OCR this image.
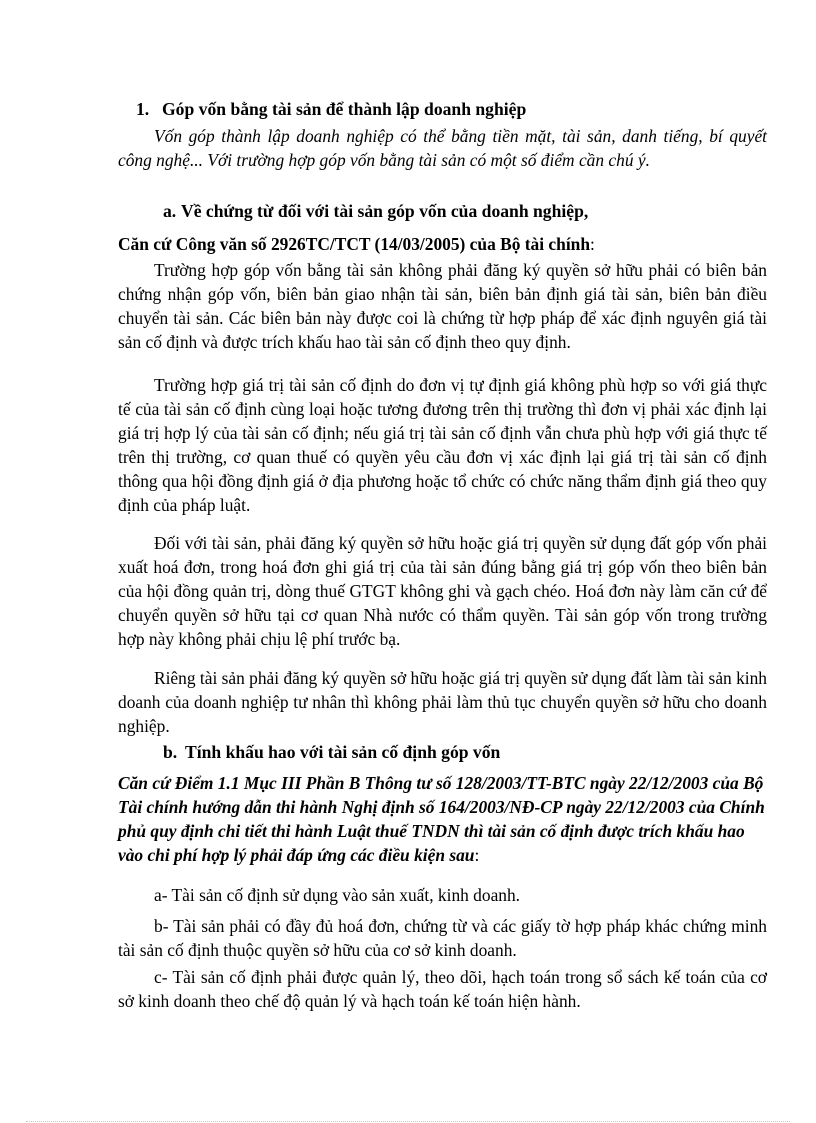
1. Góp vốn bằng tài sản để thành lập doanh nghiệp
Vốn góp thành lập doanh nghiệp có thể bằng tiền mặt, tài sản, danh tiếng, bí quyết công nghệ... Với trường hợp góp vốn bằng tài sản có một số điểm cần chú ý.
a. Về chứng từ đối với tài sản góp vốn của doanh nghiệp,
Căn cứ Công văn số 2926TC/TCT (14/03/2005) của Bộ tài chính:
Trường hợp góp vốn bằng tài sản không phải đăng ký quyền sở hữu phải có biên bản chứng nhận góp vốn, biên bản giao nhận tài sản, biên bản định giá tài sản, biên bản điều chuyển tài sản. Các biên bản này được coi là chứng từ hợp pháp để xác định nguyên giá tài sản cố định và được trích khấu hao tài sản cố định theo quy định.
Trường hợp giá trị tài sản cố định do đơn vị tự định giá không phù hợp so với giá thực tế của tài sản cố định cùng loại hoặc tương đương trên thị trường thì đơn vị phải xác định lại giá trị hợp lý của tài sản cố định; nếu giá trị tài sản cố định vẫn chưa phù hợp với giá thực tế trên thị trường, cơ quan thuế có quyền yêu cầu đơn vị xác định lại giá trị tài sản cố định thông qua hội đồng định giá ở địa phương hoặc tổ chức có chức năng thẩm định giá theo quy định của pháp luật.
Đối với tài sản, phải đăng ký quyền sở hữu hoặc giá trị quyền sử dụng đất góp vốn phải xuất hoá đơn, trong hoá đơn ghi giá trị của tài sản đúng bằng giá trị góp vốn theo biên bản của hội đồng quản trị, dòng thuế GTGT không ghi và gạch chéo. Hoá đơn này làm căn cứ để chuyển quyền sở hữu tại cơ quan Nhà nước có thẩm quyền. Tài sản góp vốn trong trường hợp này không phải chịu lệ phí trước bạ.
Riêng tài sản phải đăng ký quyền sở hữu hoặc giá trị quyền sử dụng đất làm tài sản kinh doanh của doanh nghiệp tư nhân thì không phải làm thủ tục chuyển quyền sở hữu cho doanh nghiệp.
b. Tính khấu hao với tài sản cố định góp vốn
Căn cứ Điểm 1.1 Mục III Phần B Thông tư số 128/2003/TT-BTC ngày 22/12/2003 của Bộ Tài chính hướng dẫn thi hành Nghị định số 164/2003/NĐ-CP ngày 22/12/2003 của Chính phủ quy định chi tiết thi hành Luật thuế TNDN thì tài sản cố định được trích khấu hao vào chi phí hợp lý phải đáp ứng các điều kiện sau:
a- Tài sản cố định sử dụng vào sản xuất, kinh doanh.
b- Tài sản phải có đầy đủ hoá đơn, chứng từ và các giấy tờ hợp pháp khác chứng minh tài sản cố định thuộc quyền sở hữu của cơ sở kinh doanh.
c- Tài sản cố định phải được quản lý, theo dõi, hạch toán trong sổ sách kế toán của cơ sở kinh doanh theo chế độ quản lý và hạch toán kế toán hiện hành.
